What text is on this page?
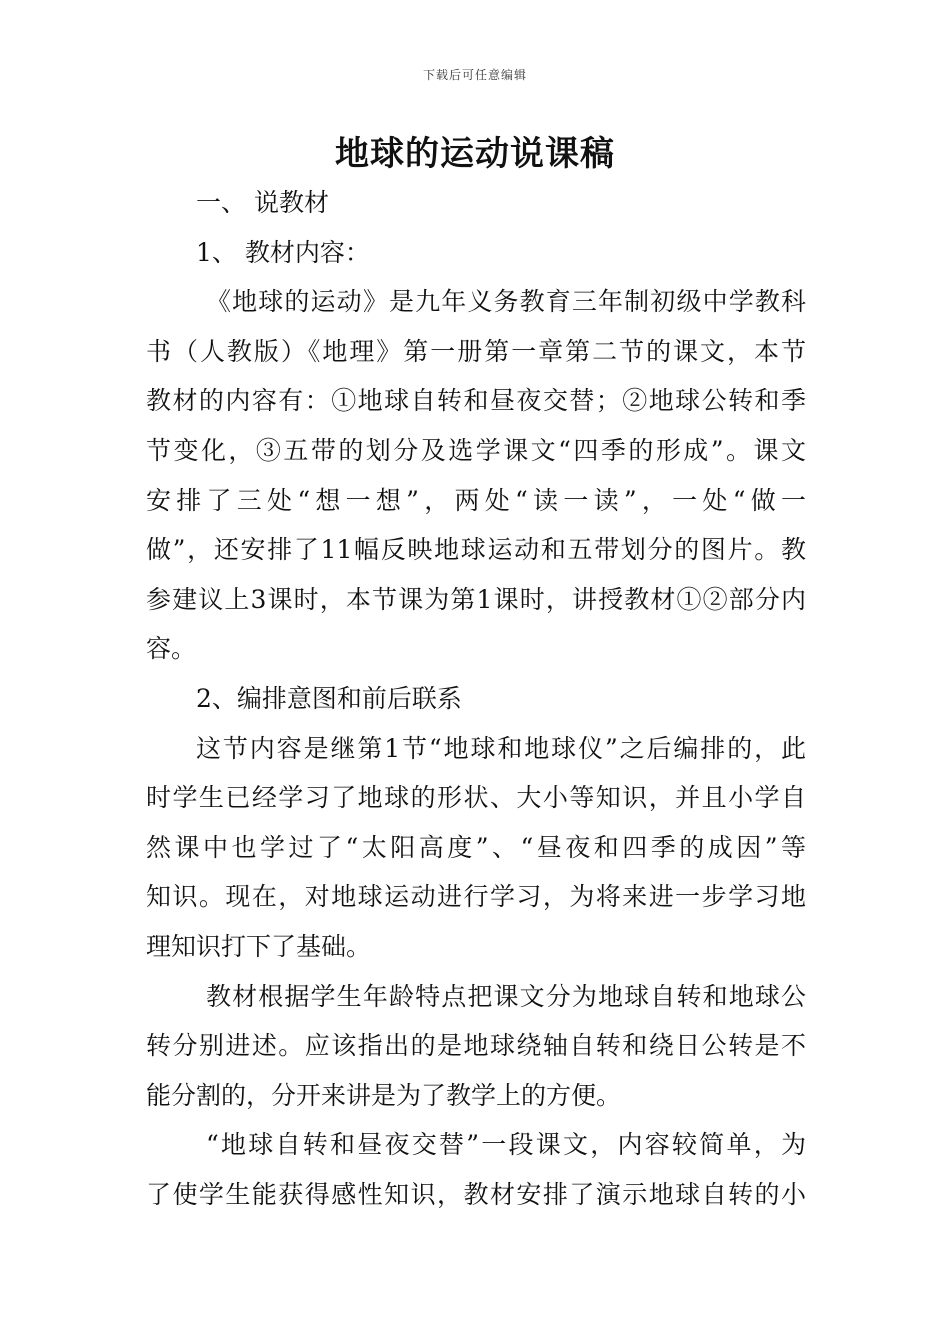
下载后可任意编辑
地球的运动说课稿
一、 说教材
1、 教材内容：
《地球的运动》是九年义务教育三年制初级中学教科
书（人教版）《地理》第一册第一章第二节的课文，本节
教材的内容有：①地球自转和昼夜交替；②地球公转和季
节变化，③五带的划分及选学课文“四季的形成”。课文
安排了三处“想一想”，两处“读一读”，一处“做一
做”，还安排了11幅反映地球运动和五带划分的图片。教
参建议上3课时，本节课为第1课时，讲授教材①②部分内
容。
2、编排意图和前后联系
这节内容是继第1节“地球和地球仪”之后编排的，此
时学生已经学习了地球的形状、大小等知识，并且小学自
然课中也学过了“太阳高度”、“昼夜和四季的成因”等
知识。现在，对地球运动进行学习，为将来进一步学习地
理知识打下了基础。
教材根据学生年龄特点把课文分为地球自转和地球公
转分别进述。应该指出的是地球绕轴自转和绕日公转是不
能分割的，分开来讲是为了教学上的方便。
“地球自转和昼夜交替”一段课文，内容较简单，为
了使学生能获得感性知识，教材安排了演示地球自转的小
